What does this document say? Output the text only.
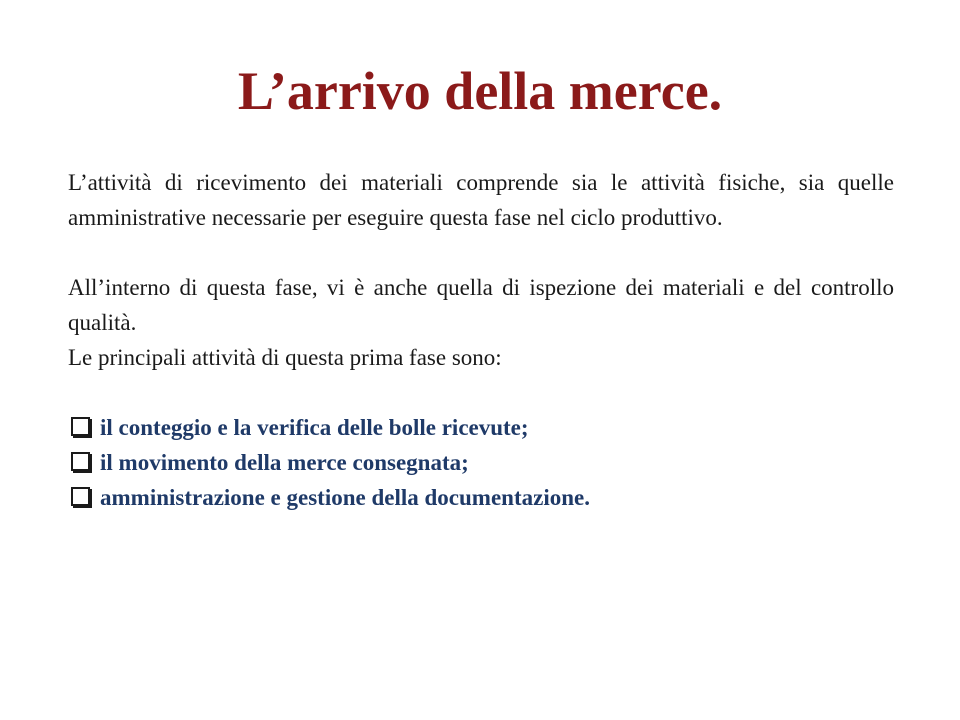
L’arrivo della merce.

L’attività di ricevimento dei materiali comprende sia le attività fisiche, sia quelle amministrative necessarie per eseguire questa fase nel ciclo produttivo.

All’interno di questa fase, vi è anche quella di ispezione dei materiali e del controllo qualità.

Le principali attività di questa prima fase sono:

il conteggio e la verifica delle bolle ricevute;
il movimento della merce consegnata;
amministrazione e gestione della documentazione.
